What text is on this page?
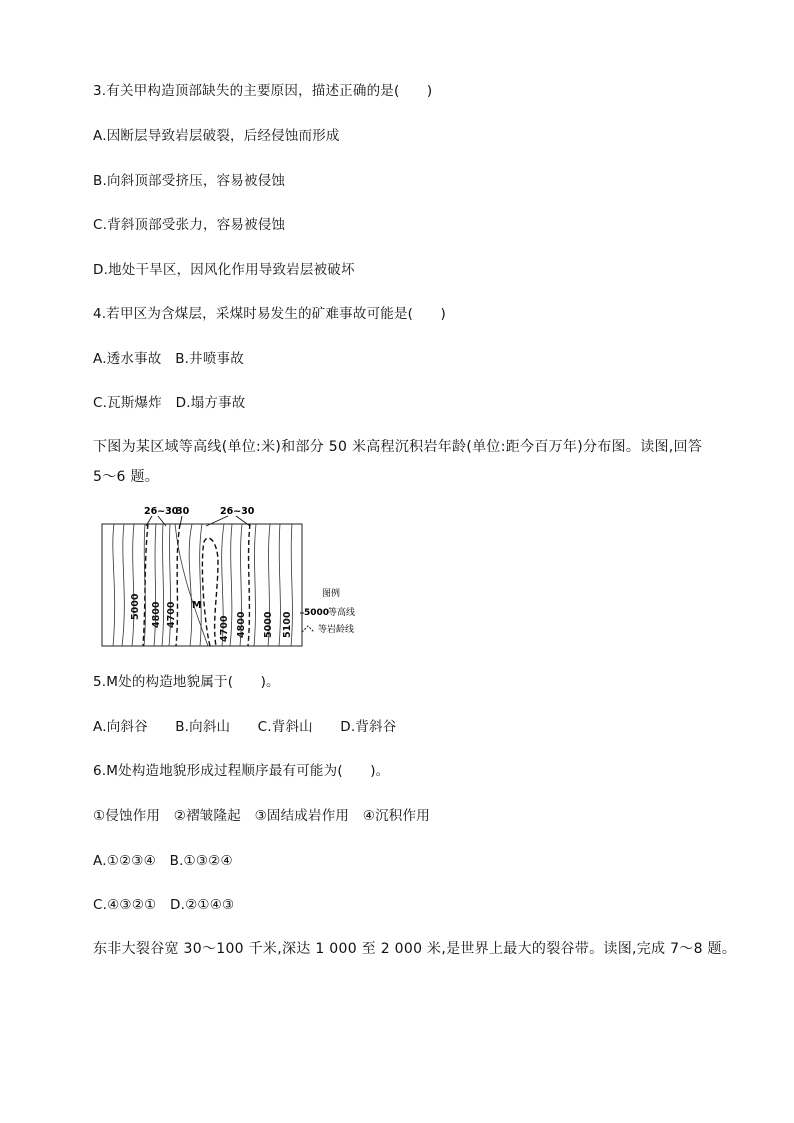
3.有关甲构造顶部缺失的主要原因，描述正确的是(　　)
A.因断层导致岩层破裂，后经侵蚀而形成
B.向斜顶部受挤压，容易被侵蚀
C.背斜顶部受张力，容易被侵蚀
D.地处干旱区，因风化作用导致岩层被破坏
4.若甲区为含煤层，采煤时易发生的矿难事故可能是(　　)
A.透水事故　B.井喷事故
C.瓦斯爆炸　D.塌方事故
下图为某区域等高线(单位:米)和部分 50 米高程沉积岩年龄(单位:距今百万年)分布图。读图,回答
5～6 题。
26~30
30	26~30
5000 4800 4700
4700 4800 5000 5100
M
图例
5000
等高线
等岩龄线
5.M处的构造地貌属于(　　)。
A.向斜谷　　B.向斜山　　C.背斜山　　D.背斜谷
6.M处构造地貌形成过程顺序最有可能为(　　)。
①侵蚀作用　②褶皱隆起　③固结成岩作用　④沉积作用
A.①②③④　B.①③②④
C.④③②①　D.②①④③
东非大裂谷宽 30～100 千米,深达 1 000 至 2 000 米,是世界上最大的裂谷带。读图,完成 7～8 题。
